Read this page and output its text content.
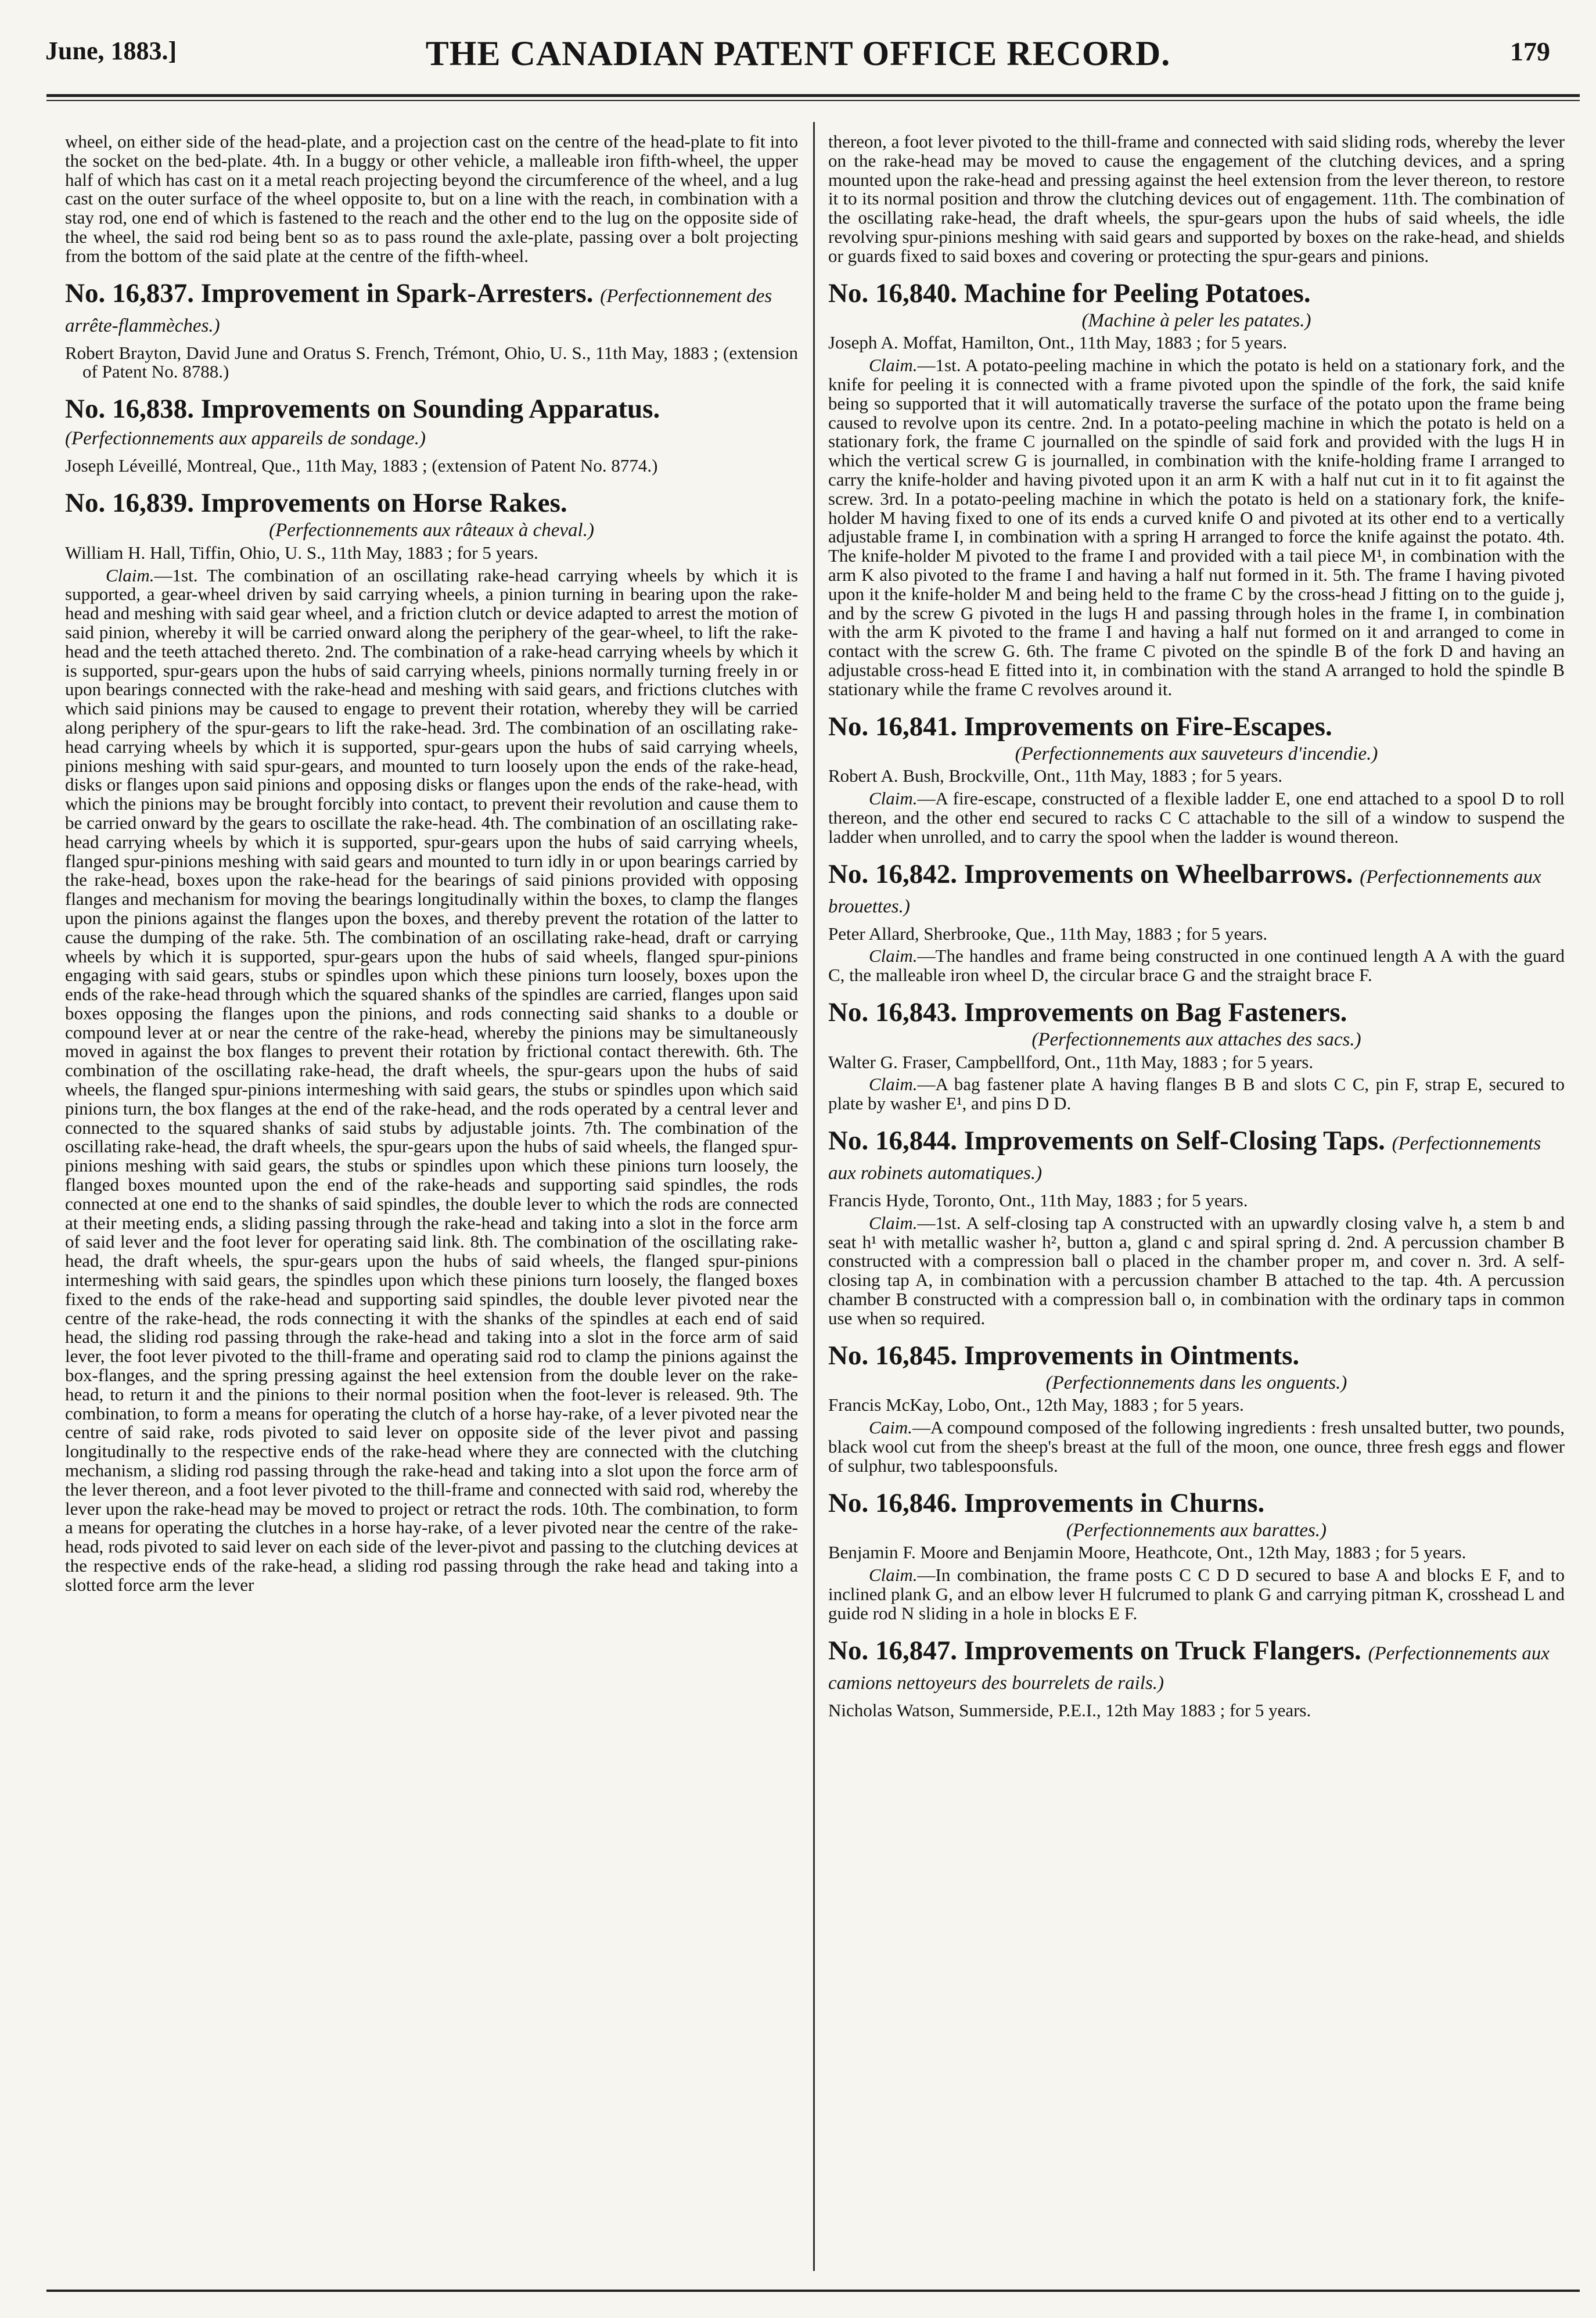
June, 1883.]	THE CANADIAN PATENT OFFICE RECORD.	179

wheel, on either side of the head-plate, and a projection cast on the centre of the head-plate to fit into the socket on the bed-plate. 4th. In a buggy or other vehicle, a malleable iron fifth-wheel, the upper half of which has cast on it a metal reach projecting beyond the circumference of the wheel, and a lug cast on the outer surface of the wheel opposite to, but on a line with the reach, in combination with a stay rod, one end of which is fastened to the reach and the other end to the lug on the opposite side of the wheel, the said rod being bent so as to pass round the axle-plate, passing over a bolt projecting from the bottom of the said plate at the centre of the fifth-wheel.

No. 16,837. Improvement in Spark-Arresters. (Perfectionnement des arrête-flammèches.)

Robert Brayton, David June and Oratus S. French, Trémont, Ohio, U. S., 11th May, 1883 ; (extension of Patent No. 8788.)

No. 16,838. Improvements on Sounding Apparatus. (Perfectionnements aux appareils de sondage.)

Joseph Léveillé, Montreal, Que., 11th May, 1883 ; (extension of Patent No. 8774.)

No. 16,839. Improvements on Horse Rakes.
(Perfectionnements aux râteaux à cheval.)

William H. Hall, Tiffin, Ohio, U. S., 11th May, 1883 ; for 5 years.

Claim.—1st. The combination of an oscillating rake-head carrying wheels by which it is supported, a gear-wheel driven by said carrying wheels, a pinion turning in bearing upon the rake-head and meshing with said gear wheel, and a friction clutch or device adapted to arrest the motion of said pinion, whereby it will be carried onward along the periphery of the gear-wheel, to lift the rake-head and the teeth attached thereto. 2nd. The combination of a rake-head carrying wheels by which it is supported, spur-gears upon the hubs of said carrying wheels, pinions normally turning freely in or upon bearings connected with the rake-head and meshing with said gears, and frictions clutches with which said pinions may be caused to engage to prevent their rotation, whereby they will be carried along periphery of the spur-gears to lift the rake-head. 3rd. The combination of an oscillating rake-head carrying wheels by which it is supported, spur-gears upon the hubs of said carrying wheels, pinions meshing with said spur-gears, and mounted to turn loosely upon the ends of the rake-head, disks or flanges upon said pinions and opposing disks or flanges upon the ends of the rake-head, with which the pinions may be brought forcibly into contact, to prevent their revolution and cause them to be carried onward by the gears to oscillate the rake-head. 4th. The combination of an oscillating rake-head carrying wheels by which it is supported, spur-gears upon the hubs of said carrying wheels, flanged spur-pinions meshing with said gears and mounted to turn idly in or upon bearings carried by the rake-head, boxes upon the rake-head for the bearings of said pinions provided with opposing flanges and mechanism for moving the bearings longitudinally within the boxes, to clamp the flanges upon the pinions against the flanges upon the boxes, and thereby prevent the rotation of the latter to cause the dumping of the rake. 5th. The combination of an oscillating rake-head, draft or carrying wheels by which it is supported, spur-gears upon the hubs of said wheels, flanged spur-pinions engaging with said gears, stubs or spindles upon which these pinions turn loosely, boxes upon the ends of the rake-head through which the squared shanks of the spindles are carried, flanges upon said boxes opposing the flanges upon the pinions, and rods connecting said shanks to a double or compound lever at or near the centre of the rake-head, whereby the pinions may be simultaneously moved in against the box flanges to prevent their rotation by frictional contact therewith. 6th. The combination of the oscillating rake-head, the draft wheels, the spur-gears upon the hubs of said wheels, the flanged spur-pinions intermeshing with said gears, the stubs or spindles upon which said pinions turn, the box flanges at the end of the rake-head, and the rods operated by a central lever and connected to the squared shanks of said stubs by adjustable joints. 7th. The combination of the oscillating rake-head, the draft wheels, the spur-gears upon the hubs of said wheels, the flanged spur-pinions meshing with said gears, the stubs or spindles upon which these pinions turn loosely, the flanged boxes mounted upon the end of the rake-heads and supporting said spindles, the rods connected at one end to the shanks of said spindles, the double lever to which the rods are connected at their meeting ends, a sliding passing through the rake-head and taking into a slot in the force arm of said lever and the foot lever for operating said link. 8th. The combination of the oscillating rake-head, the draft wheels, the spur-gears upon the hubs of said wheels, the flanged spur-pinions intermeshing with said gears, the spindles upon which these pinions turn loosely, the flanged boxes fixed to the ends of the rake-head and supporting said spindles, the double lever pivoted near the centre of the rake-head, the rods connecting it with the shanks of the spindles at each end of said head, the sliding rod passing through the rake-head and taking into a slot in the force arm of said lever, the foot lever pivoted to the thill-frame and operating said rod to clamp the pinions against the box-flanges, and the spring pressing against the heel extension from the double lever on the rake-head, to return it and the pinions to their normal position when the foot-lever is released. 9th. The combination, to form a means for operating the clutch of a horse hay-rake, of a lever pivoted near the centre of said rake, rods pivoted to said lever on opposite side of the lever pivot and passing longitudinally to the respective ends of the rake-head where they are connected with the clutching mechanism, a sliding rod passing through the rake-head and taking into a slot upon the force arm of the lever thereon, and a foot lever pivoted to the thill-frame and connected with said rod, whereby the lever upon the rake-head may be moved to project or retract the rods. 10th. The combination, to form a means for operating the clutches in a horse hay-rake, of a lever pivoted near the centre of the rake-head, rods pivoted to said lever on each side of the lever-pivot and passing to the clutching devices at the respective ends of the rake-head, a sliding rod passing through the rake head and taking into a slotted force arm the lever

thereon, a foot lever pivoted to the thill-frame and connected with said sliding rods, whereby the lever on the rake-head may be moved to cause the engagement of the clutching devices, and a spring mounted upon the rake-head and pressing against the heel extension from the lever thereon, to restore it to its normal position and throw the clutching devices out of engagement. 11th. The combination of the oscillating rake-head, the draft wheels, the spur-gears upon the hubs of said wheels, the idle revolving spur-pinions meshing with said gears and supported by boxes on the rake-head, and shields or guards fixed to said boxes and covering or protecting the spur-gears and pinions.

No. 16,840. Machine for Peeling Potatoes.
(Machine à peler les patates.)

Joseph A. Moffat, Hamilton, Ont., 11th May, 1883 ; for 5 years.

Claim.—1st. A potato-peeling machine in which the potato is held on a stationary fork, and the knife for peeling it is connected with a frame pivoted upon the spindle of the fork, the said knife being so supported that it will automatically traverse the surface of the potato upon the frame being caused to revolve upon its centre. 2nd. In a potato-peeling machine in which the potato is held on a stationary fork, the frame C journalled on the spindle of said fork and provided with the lugs H in which the vertical screw G is journalled, in combination with the knife-holding frame I arranged to carry the knife-holder and having pivoted upon it an arm K with a half nut cut in it to fit against the screw. 3rd. In a potato-peeling machine in which the potato is held on a stationary fork, the knife-holder M having fixed to one of its ends a curved knife O and pivoted at its other end to a vertically adjustable frame I, in combination with a spring H arranged to force the knife against the potato. 4th. The knife-holder M pivoted to the frame I and provided with a tail piece M¹, in combination with the arm K also pivoted to the frame I and having a half nut formed in it. 5th. The frame I having pivoted upon it the knife-holder M and being held to the frame C by the cross-head J fitting on to the guide j, and by the screw G pivoted in the lugs H and passing through holes in the frame I, in combination with the arm K pivoted to the frame I and having a half nut formed on it and arranged to come in contact with the screw G. 6th. The frame C pivoted on the spindle B of the fork D and having an adjustable cross-head E fitted into it, in combination with the stand A arranged to hold the spindle B stationary while the frame C revolves around it.

No. 16,841. Improvements on Fire-Escapes.
(Perfectionnements aux sauveteurs d'incendie.)

Robert A. Bush, Brockville, Ont., 11th May, 1883 ; for 5 years.

Claim.—A fire-escape, constructed of a flexible ladder E, one end attached to a spool D to roll thereon, and the other end secured to racks C C attachable to the sill of a window to suspend the ladder when unrolled, and to carry the spool when the ladder is wound thereon.

No. 16,842. Improvements on Wheelbarrows. (Perfectionnements aux brouettes.)

Peter Allard, Sherbrooke, Que., 11th May, 1883 ; for 5 years.

Claim.—The handles and frame being constructed in one continued length A A with the guard C, the malleable iron wheel D, the circular brace G and the straight brace F.

No. 16,843. Improvements on Bag Fasteners.
(Perfectionnements aux attaches des sacs.)

Walter G. Fraser, Campbellford, Ont., 11th May, 1883 ; for 5 years.

Claim.—A bag fastener plate A having flanges B B and slots C C, pin F, strap E, secured to plate by washer E¹, and pins D D.

No. 16,844. Improvements on Self-Closing Taps. (Perfectionnements aux robinets automatiques.)

Francis Hyde, Toronto, Ont., 11th May, 1883 ; for 5 years.

Claim.—1st. A self-closing tap A constructed with an upwardly closing valve h, a stem b and seat h¹ with metallic washer h², button a, gland c and spiral spring d. 2nd. A percussion chamber B constructed with a compression ball o placed in the chamber proper m, and cover n. 3rd. A self-closing tap A, in combination with a percussion chamber B attached to the tap. 4th. A percussion chamber B constructed with a compression ball o, in combination with the ordinary taps in common use when so required.

No. 16,845. Improvements in Ointments.
(Perfectionnements dans les onguents.)

Francis McKay, Lobo, Ont., 12th May, 1883 ; for 5 years.

Caim.—A compound composed of the following ingredients : fresh unsalted butter, two pounds, black wool cut from the sheep's breast at the full of the moon, one ounce, three fresh eggs and flower of sulphur, two tablespoonsfuls.

No. 16,846. Improvements in Churns.
(Perfectionnements aux barattes.)

Benjamin F. Moore and Benjamin Moore, Heathcote, Ont., 12th May, 1883 ; for 5 years.

Claim.—In combination, the frame posts C C D D secured to base A and blocks E F, and to inclined plank G, and an elbow lever H fulcrumed to plank G and carrying pitman K, crosshead L and guide rod N sliding in a hole in blocks E F.

No. 16,847. Improvements on Truck Flangers. (Perfectionnements aux camions nettoyeurs des bourrelets de rails.)

Nicholas Watson, Summerside, P.E.I., 12th May 1883 ; for 5 years.
